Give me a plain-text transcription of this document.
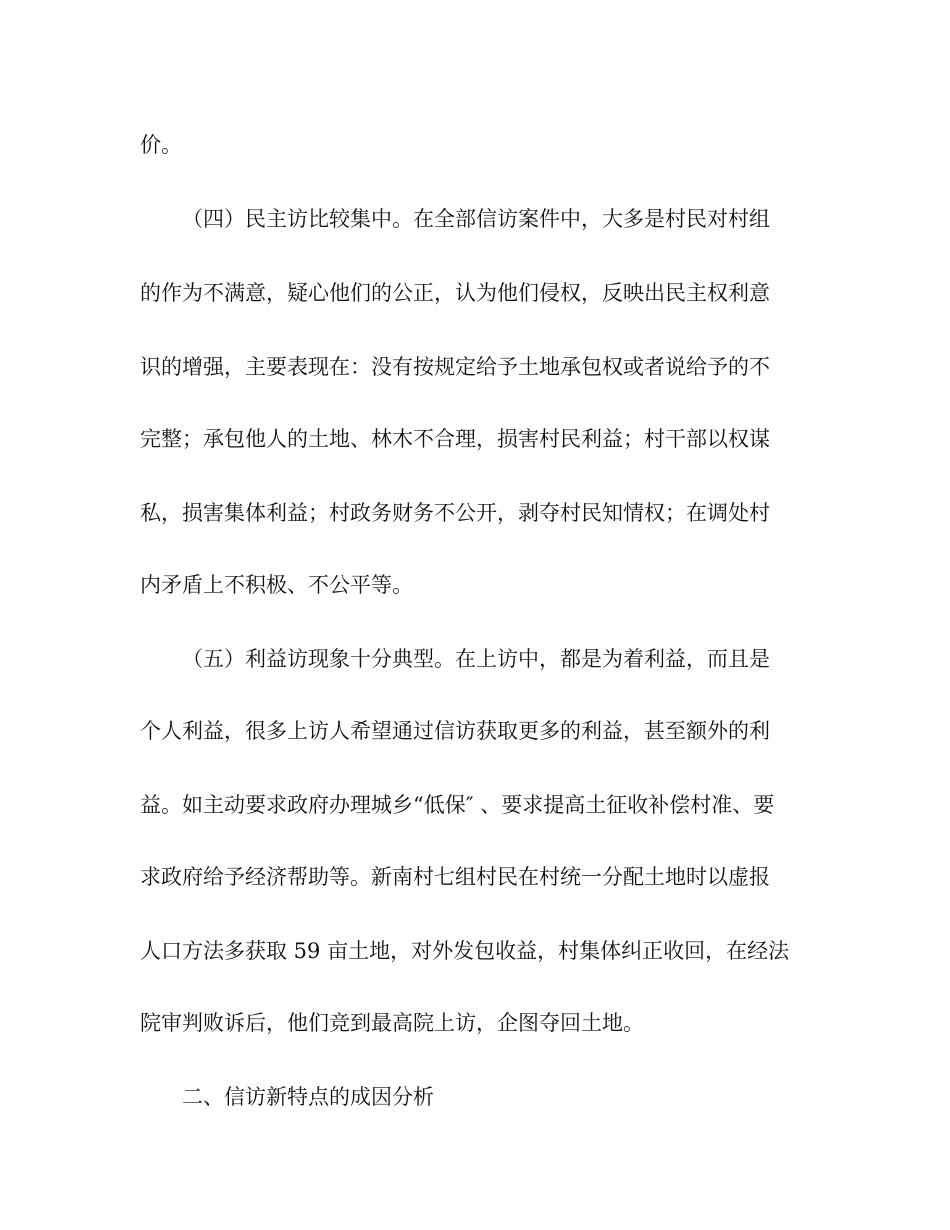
价。
（四）民主访比较集中。在全部信访案件中，大多是村民对村组
的作为不满意，疑心他们的公正，认为他们侵权，反映出民主权利意
识的增强，主要表现在：没有按规定给予土地承包权或者说给予的不
完整；承包他人的土地、林木不合理，损害村民利益；村干部以权谋
私，损害集体利益；村政务财务不公开，剥夺村民知情权；在调处村
内矛盾上不积极、不公平等。
（五）利益访现象十分典型。在上访中，都是为着利益，而且是
个人利益，很多上访人希望通过信访获取更多的利益，甚至额外的利
益。如主动要求政府办理城乡“低保″ 、要求提高土征收补偿村准、要
求政府给予经济帮助等。新南村七组村民在村统一分配土地时以虚报
人口方法多获取 59 亩土地，对外发包收益，村集体纠正收回，在经法
院审判败诉后，他们竞到最高院上访，企图夺回土地。
二、信访新特点的成因分析
